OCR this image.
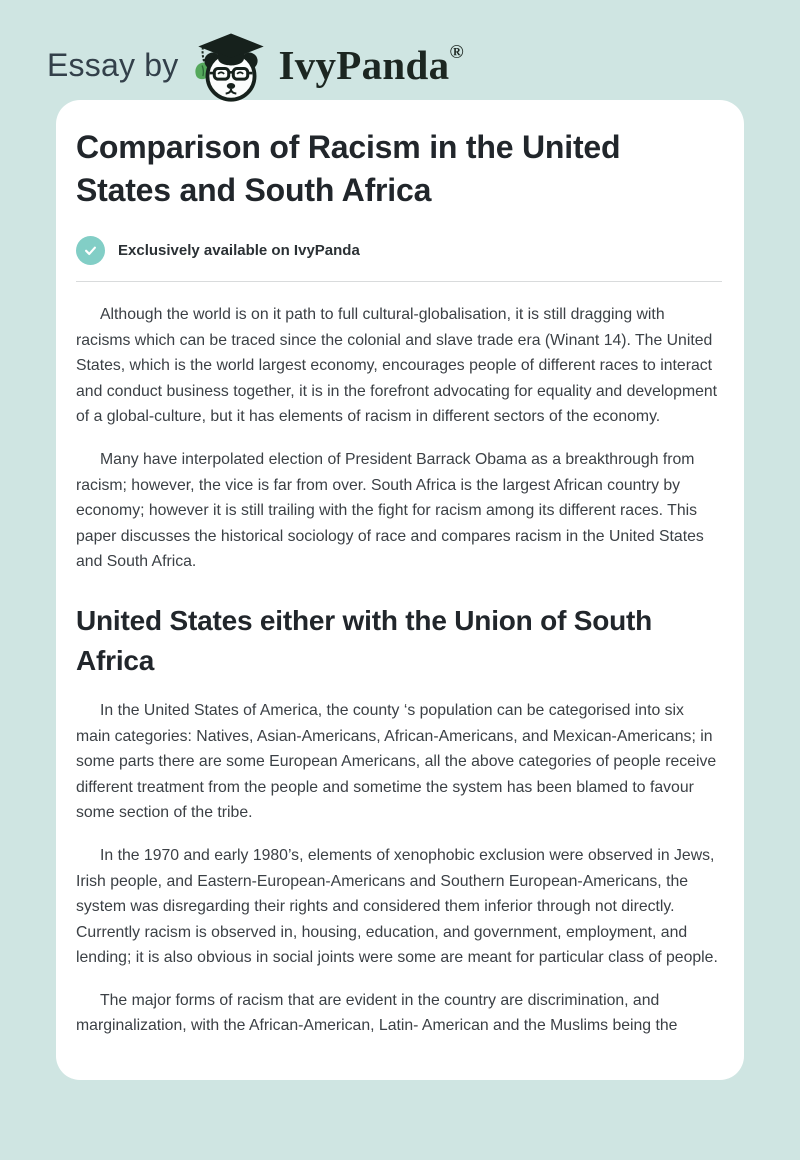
Essay by IvyPanda ®
Comparison of Racism in the United States and South Africa
Exclusively available on IvyPanda

Although the world is on it path to full cultural-globalisation, it is still dragging with racisms which can be traced since the colonial and slave trade era (Winant 14). The United States, which is the world largest economy, encourages people of different races to interact and conduct business together, it is in the forefront advocating for equality and development of a global-culture, but it has elements of racism in different sectors of the economy.

Many have interpolated election of President Barrack Obama as a breakthrough from racism; however, the vice is far from over. South Africa is the largest African country by economy; however it is still trailing with the fight for racism among its different races. This paper discusses the historical sociology of race and compares racism in the United States and South Africa.

United States either with the Union of South Africa

In the United States of America, the county ‘s population can be categorised into six main categories: Natives, Asian-Americans, African-Americans, and Mexican-Americans; in some parts there are some European Americans, all the above categories of people receive different treatment from the people and sometime the system has been blamed to favour some section of the tribe.

In the 1970 and early 1980’s, elements of xenophobic exclusion were observed in Jews, Irish people, and Eastern-European-Americans and Southern European-Americans, the system was disregarding their rights and considered them inferior through not directly. Currently racism is observed in, housing, education, and government, employment, and lending; it is also obvious in social joints were some are meant for particular class of people.

The major forms of racism that are evident in the country are discrimination, and marginalization, with the African-American, Latin- American and the Muslims being the
